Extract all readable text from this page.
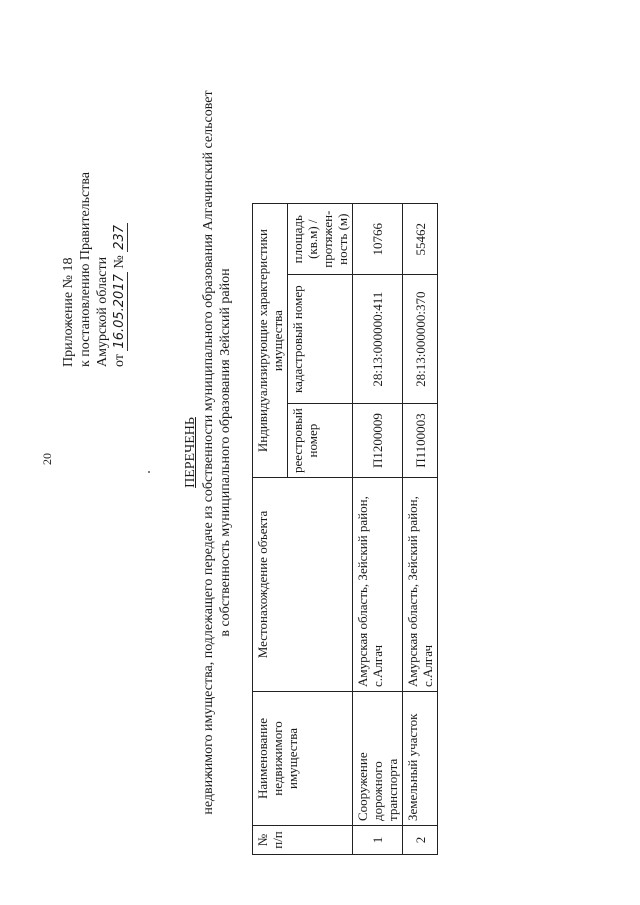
20
Приложение № 18 к постановлению Правительства Амурской области от 16.05.2017 № 237
ПЕРЕЧЕНЬ недвижимого имущества, подлежащего передаче из собственности муниципального образования Алгачинский сельсовет в собственность муниципального образования Зейский район
№ п/п	Наименование недвижимого имущества	Местонахождение объекта	Индивидуализирующие характеристики имущества		
			реестровый номер	кадастровый номер	площадь (кв.м) / протяжен-ность (м)
1	Сооружение дорожного транспорта	Амурская область, Зейский район, с.Алгач	П1200009	28:13:000000:411	10766
2	Земельный участок	Амурская область, Зейский район, с.Алгач	П1100003	28:13:000000:370	55462
